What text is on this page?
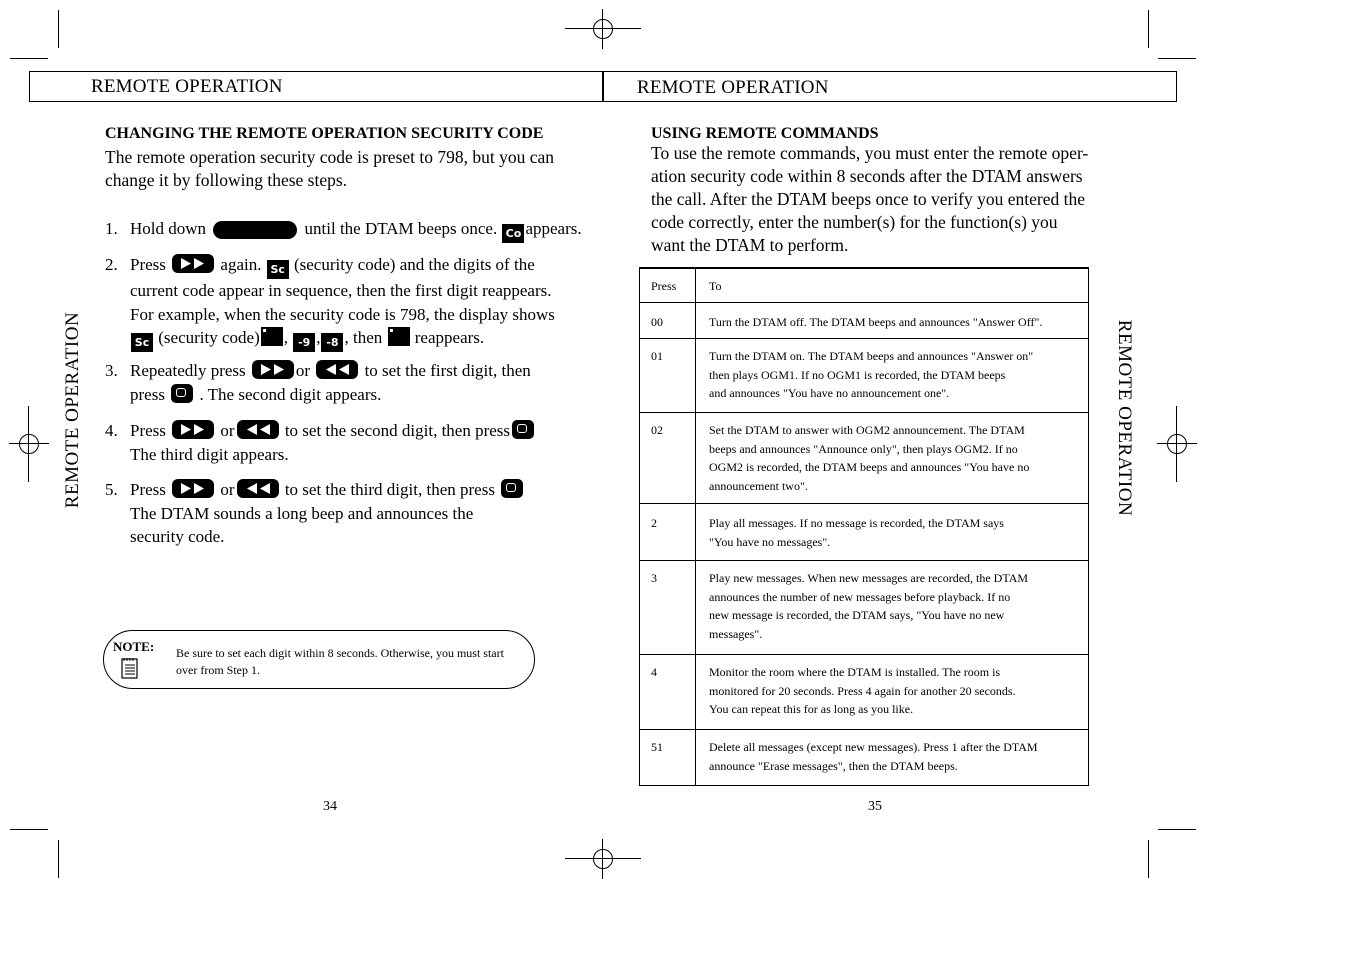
REMOTE OPERATION	REMOTE OPERATION
REMOTE OPERATION	REMOTE OPERATION
CHANGING THE REMOTE OPERATION SECURITY CODE
The remote operation security code is preset to 798, but you can
change it by following these steps.
1. Hold down	until the DTAM beeps once. Co appears.
2. Press	again. Sc (security code) and the digits of the
current code appear in sequence, then the first digit reappears.
For example, when the security code is 798, the display shows
Sc (security code) , -9 , -8 , then reappears.
3. Repeatedly press	or	to set the first digit, then
press . The second digit appears.
4. Press	or	to set the second digit, then press
The third digit appears.
5. Press	or	to set the third digit, then press
The DTAM sounds a long beep and announces the
security code.
NOTE: Be sure to set each digit within 8 seconds. Otherwise, you must start
over from Step 1.
34
USING REMOTE COMMANDS
To use the remote commands, you must enter the remote oper-
ation security code within 8 seconds after the DTAM answers
the call. After the DTAM beeps once to verify you entered the
code correctly, enter the number(s) for the function(s) you
want the DTAM to perform.
Press	To
00	Turn the DTAM off. The DTAM beeps and announces "Answer Off".
01	Turn the DTAM on. The DTAM beeps and announces "Answer on"
then plays OGM1. If no OGM1 is recorded, the DTAM beeps
and announces "You have no announcement one".
02	Set the DTAM to answer with OGM2 announcement. The DTAM
beeps and announces "Announce only", then plays OGM2. If no
OGM2 is recorded, the DTAM beeps and announces "You have no
announcement two".
2	Play all messages. If no message is recorded, the DTAM says
"You have no messages".
3	Play new messages. When new messages are recorded, the DTAM
announces the number of new messages before playback. If no
new message is recorded, the DTAM says, "You have no new
messages".
4	Monitor the room where the DTAM is installed. The room is
monitored for 20 seconds. Press 4 again for another 20 seconds.
You can repeat this for as long as you like.
51	Delete all messages (except new messages). Press 1 after the DTAM
announce "Erase messages", then the DTAM beeps.
35
